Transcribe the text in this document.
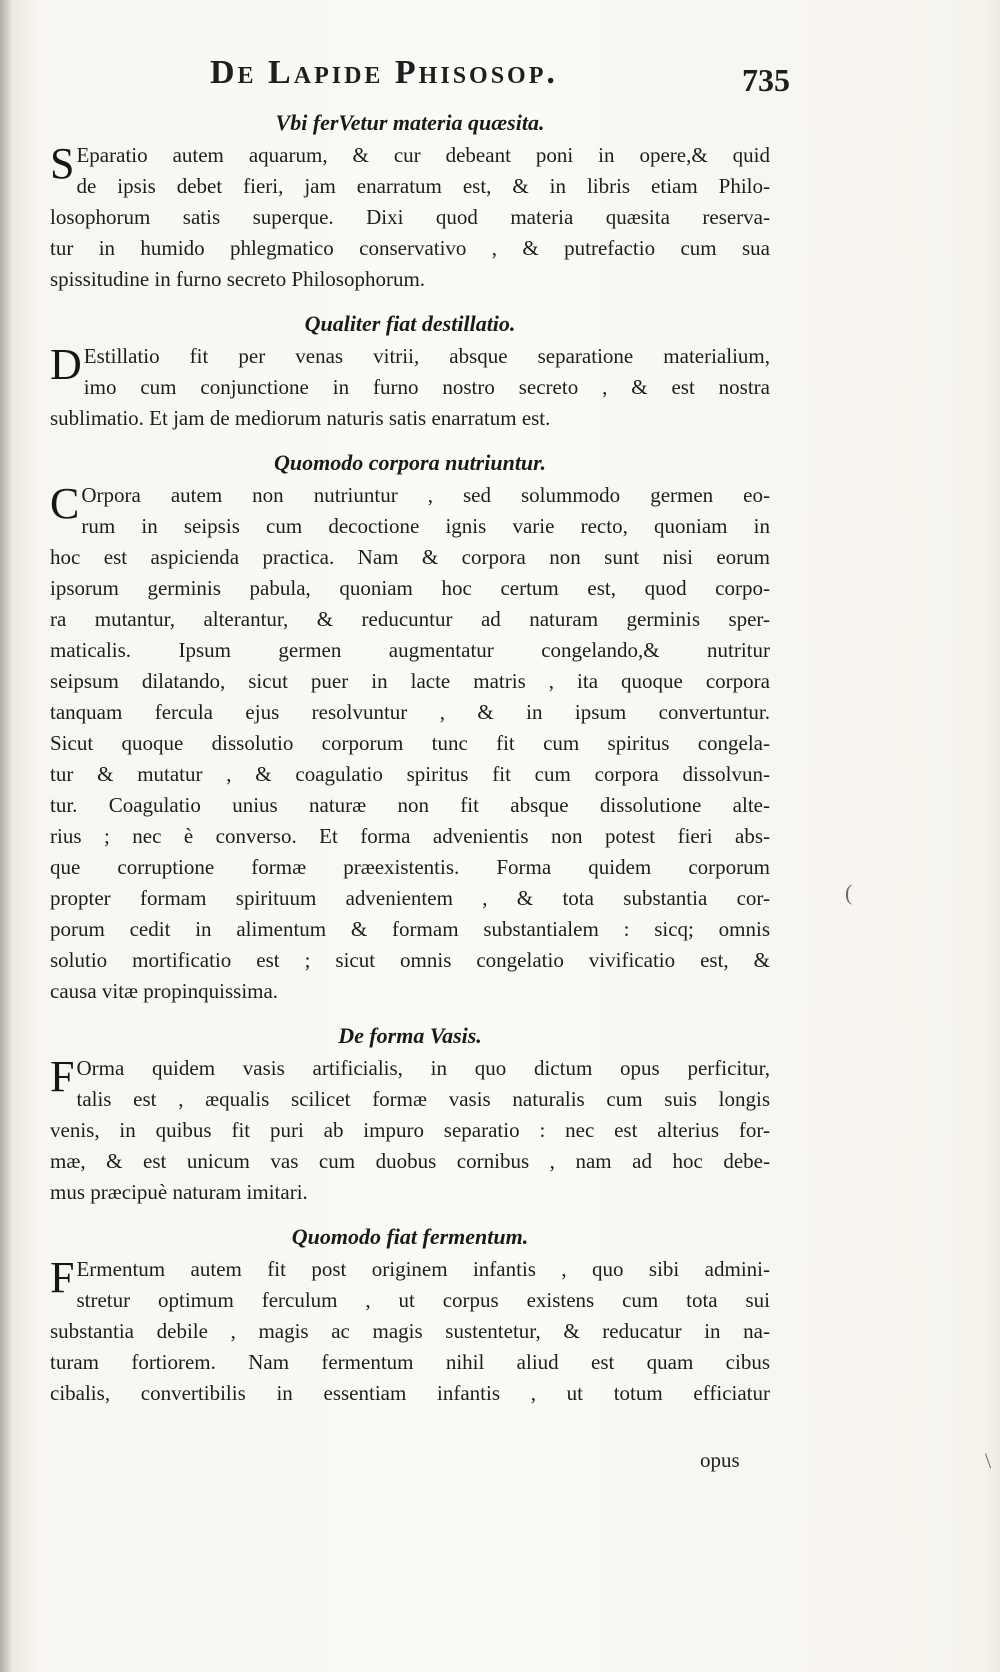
De Lapide Phisosop.	735
Vbi ferVetur materia quæsita.
S Eparatio autem aquarum, & cur debeant poni in opere,& quid
de ipsis debet fieri, jam enarratum est, & in libris etiam Philo-
losophorum satis superque. Dixi quod materia quæsita reserva-
tur in humido phlegmatico conservativo , & putrefactio cum sua
spissitudine in furno secreto Philosophorum.
Qualiter fiat destillatio.
D Estillatio fit per venas vitrii, absque separatione materialium,
imo cum conjunctione in furno nostro secreto , & est nostra
sublimatio. Et jam de mediorum naturis satis enarratum est.
Quomodo corpora nutriuntur.
C Orpora autem non nutriuntur , sed solummodo germen eo-
rum in seipsis cum decoctione ignis varie recto, quoniam in
hoc est aspicienda practica. Nam & corpora non sunt nisi eorum
ipsorum germinis pabula, quoniam hoc certum est, quod corpo-
ra mutantur, alterantur, & reducuntur ad naturam germinis sper-
maticalis. Ipsum germen augmentatur congelando,& nutritur
seipsum dilatando, sicut puer in lacte matris , ita quoque corpora
tanquam fercula ejus resolvuntur , & in ipsum convertuntur.
Sicut quoque dissolutio corporum tunc fit cum spiritus congela-
tur & mutatur , & coagulatio spiritus fit cum corpora dissolvun-
tur. Coagulatio unius naturæ non fit absque dissolutione alte-
rius ; nec è converso. Et forma advenientis non potest fieri abs-
que corruptione formæ præexistentis. Forma quidem corporum
propter formam spirituum advenientem , & tota substantia cor-
porum cedit in alimentum & formam substantialem : sicq; omnis
solutio mortificatio est ; sicut omnis congelatio vivificatio est, &
causa vitæ propinquissima.
De forma Vasis.
F Orma quidem vasis artificialis, in quo dictum opus perficitur,
talis est , æqualis scilicet formæ vasis naturalis cum suis longis
venis, in quibus fit puri ab impuro separatio : nec est alterius for-
mæ, & est unicum vas cum duobus cornibus , nam ad hoc debe-
mus præcipuè naturam imitari.
Quomodo fiat fermentum.
F Ermentum autem fit post originem infantis , quo sibi admini-
stretur optimum ferculum , ut corpus existens cum tota sui
substantia debile , magis ac magis sustentetur, & reducatur in na-
turam fortiorem. Nam fermentum nihil aliud est quam cibus
cibalis, convertibilis in essentiam infantis , ut totum efficiatur
opus
(
\
